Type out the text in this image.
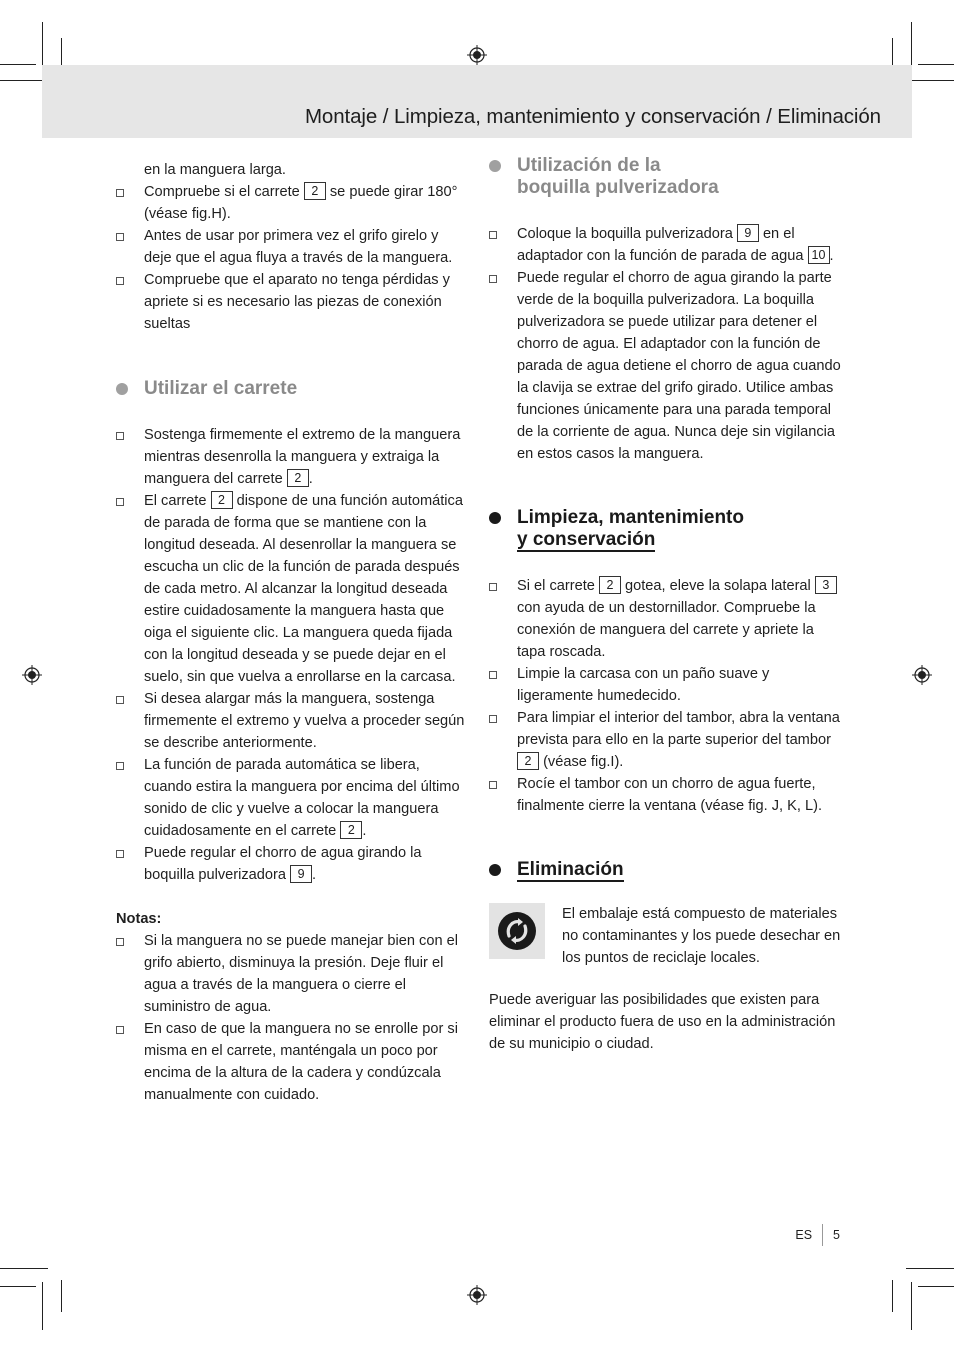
Montaje / Limpieza, mantenimiento y conservación / Eliminación

en la manguera larga.

Compruebe si el carrete 2 se puede girar 180° (véase fig.H).
Antes de usar por primera vez el grifo girelo y deje que el agua fluya a través de la manguera.
Compruebe que el aparato no tenga pérdidas y apriete si es necesario las piezas de conexión sueltas
Utilizar el carrete
Sostenga firmemente el extremo de la manguera mientras desenrolla la manguera y extraiga la manguera del carrete 2 .
El carrete 2 dispone de una función automática de parada de forma que se mantiene con la longitud deseada. Al desenrollar la manguera se escucha un clic de la función de parada después de cada metro. Al alcanzar la longitud deseada estire cuidadosamente la manguera hasta que oiga el siguiente clic. La manguera queda fijada con la longitud deseada y se puede dejar en el suelo, sin que vuelva a enrollarse en la carcasa.
Si desea alargar más la manguera, sostenga firmemente el extremo y vuelva a proceder según se describe anteriormente.
La función de parada automática se libera, cuando estira la manguera por encima del último sonido de clic y vuelve a colocar la manguera cuidadosamente en el carrete 2 .
Puede regular el chorro de agua girando la boquilla pulverizadora 9 .

Notas:

Si la manguera no se puede manejar bien con el grifo abierto, disminuya la presión. Deje fluir el agua a través de la manguera o cierre el suministro de agua.
En caso de que la manguera no se enrolle por si misma en el carrete, manténgala un poco por encima de la altura de la cadera y condúzcala manualmente con cuidado.
Utilización de la
boquilla pulverizadora
Coloque la boquilla pulverizadora 9 en el adaptador con la función de parada de agua 10 .
Puede regular el chorro de agua girando la parte verde de la boquilla pulverizadora. La boquilla pulverizadora se puede utilizar para detener el chorro de agua. El adaptador con la función de parada de agua detiene el chorro de agua cuando la clavija se extrae del grifo girado. Utilice ambas funciones únicamente para una parada temporal de la corriente de agua. Nunca deje sin vigilancia en estos casos la manguera.
Limpieza, mantenimiento
y conservación
Si el carrete 2 gotea, eleve la solapa lateral 3 con ayuda de un destornillador. Compruebe la conexión de manguera del carrete y apriete la tapa roscada.
Limpie la carcasa con un paño suave y ligeramente humedecido.
Para limpiar el interior del tambor, abra la ventana prevista para ello en la parte superior del tambor 2 (véase fig.I).
Rocíe el tambor con un chorro de agua fuerte, finalmente cierre la ventana (véase fig. J, K, L).
Eliminación

El embalaje está compuesto de materiales no contaminantes y los puede desechar en los puntos de reciclaje locales.

Puede averiguar las posibilidades que existen para eliminar el producto fuera de uso en la administración de su municipio o ciudad.

ES 5
